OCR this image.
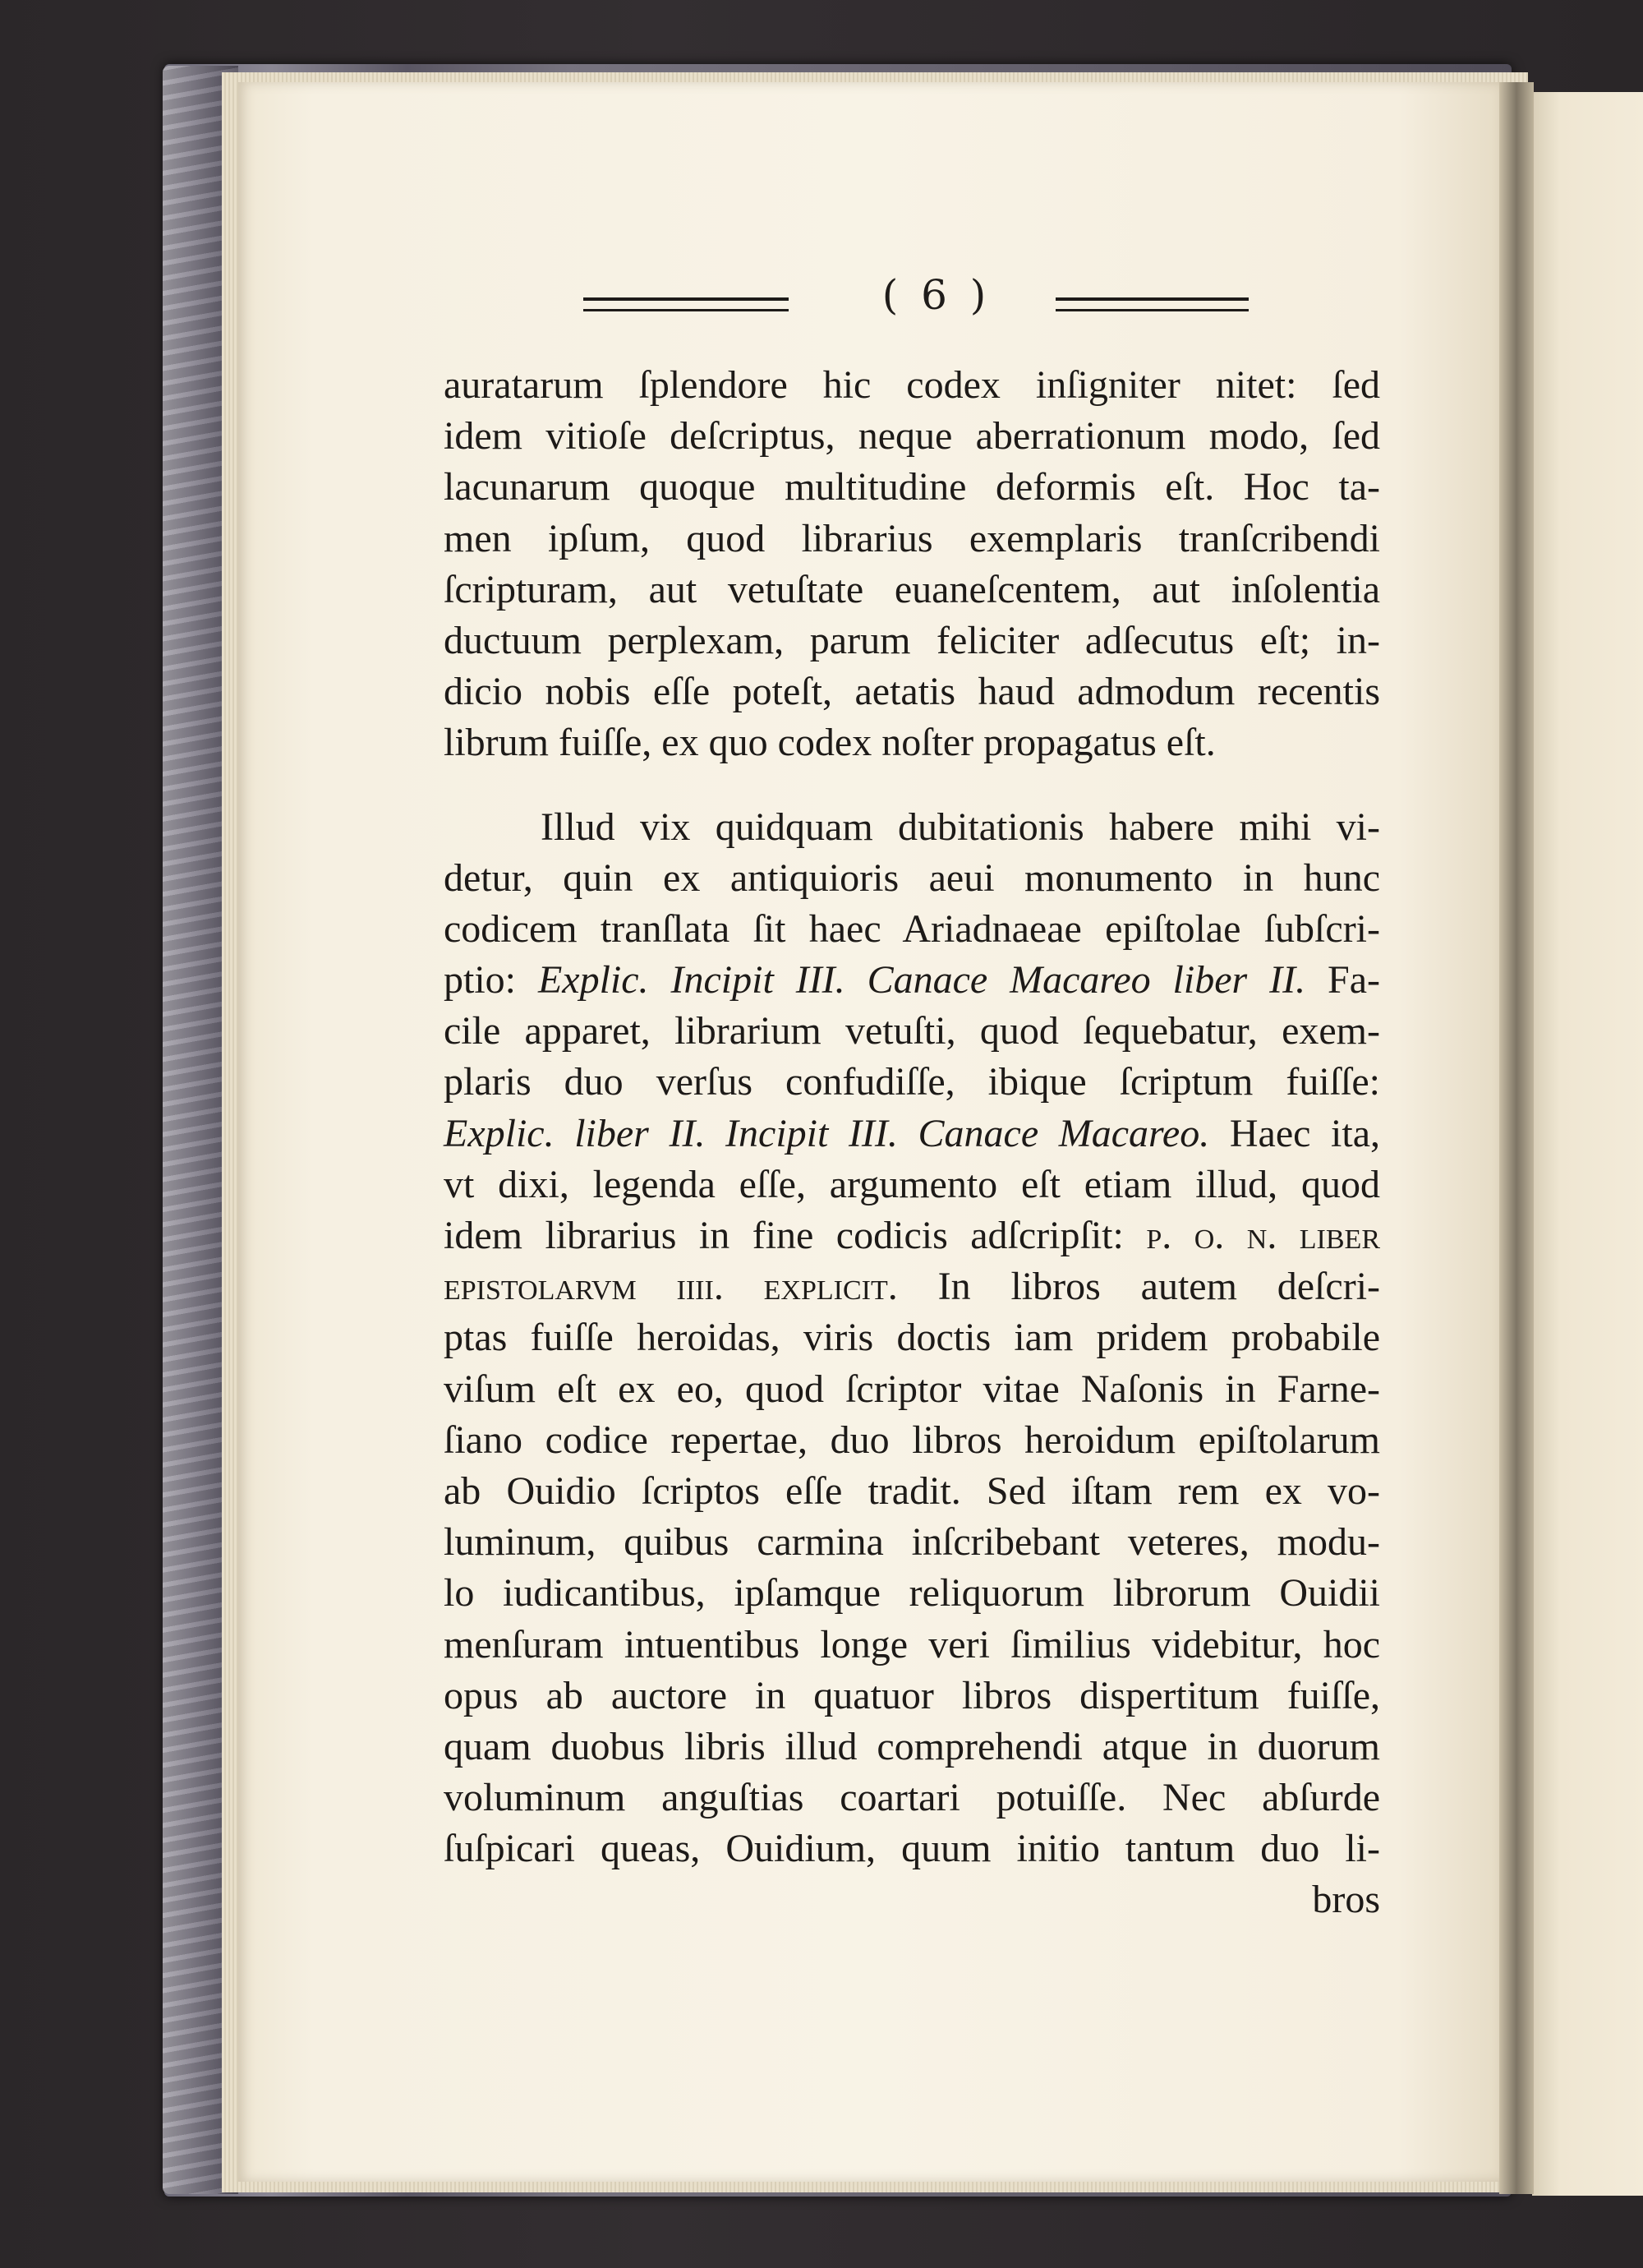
( 6 )
auratarum ſplendore hic codex inſigniter nitet: ſed
idem vitioſe deſcriptus, neque aberrationum modo, ſed
lacunarum quoque multitudine deformis eſt. Hoc ta-
men ipſum, quod librarius exemplaris tranſcribendi
ſcripturam, aut vetuſtate euaneſcentem, aut inſolentia
ductuum perplexam, parum feliciter adſecutus eſt; in-
dicio nobis eſſe poteſt, aetatis haud admodum recentis
librum fuiſſe, ex quo codex noſter propagatus eſt.
Illud vix quidquam dubitationis habere mihi vi-
detur, quin ex antiquioris aeui monumento in hunc
codicem tranſlata ſit haec Ariadnaeae epiſtolae ſubſcri-
ptio: Explic. Incipit III. Canace Macareo liber II. Fa-
cile apparet, librarium vetuſti, quod ſequebatur, exem-
plaris duo verſus confudiſſe, ibique ſcriptum fuiſſe:
Explic. liber II. Incipit III. Canace Macareo. Haec ita,
vt dixi, legenda eſſe, argumento eſt etiam illud, quod
idem librarius in fine codicis adſcripſit: p. o. n. liber
epistolarvm iiii. explicit. In libros autem deſcri-
ptas fuiſſe heroidas, viris doctis iam pridem probabile
viſum eſt ex eo, quod ſcriptor vitae Naſonis in Farne-
ſiano codice repertae, duo libros heroidum epiſtolarum
ab Ouidio ſcriptos eſſe tradit. Sed iſtam rem ex vo-
luminum, quibus carmina inſcribebant veteres, modu-
lo iudicantibus, ipſamque reliquorum librorum Ouidii
menſuram intuentibus longe veri ſimilius videbitur, hoc
opus ab auctore in quatuor libros dispertitum fuiſſe,
quam duobus libris illud comprehendi atque in duorum
voluminum anguſtias coartari potuiſſe. Nec abſurde
ſuſpicari queas, Ouidium, quum initio tantum duo li-
bros
